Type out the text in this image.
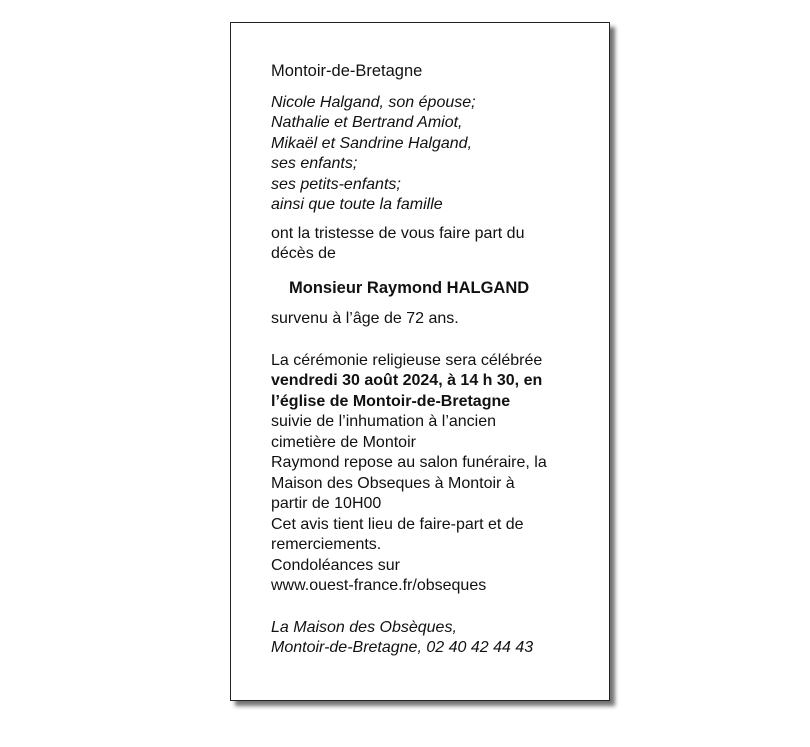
Montoir-de-Bretagne
Nicole Halgand, son épouse;
Nathalie et Bertrand Amiot,
Mikaël et Sandrine Halgand,
ses enfants;
ses petits-enfants;
ainsi que toute la famille
ont la tristesse de vous faire part du
décès de
Monsieur Raymond HALGAND
survenu à l’âge de 72 ans.
La cérémonie religieuse sera célébrée
vendredi 30 août 2024, à 14 h 30, en
l’église de Montoir-de-Bretagne
suivie de l’inhumation à l’ancien
cimetière de Montoir
Raymond repose au salon funéraire, la
Maison des Obseques à Montoir à
partir de 10H00
Cet avis tient lieu de faire-part et de
remerciements.
Condoléances sur
www.ouest-france.fr/obseques
La Maison des Obsèques,
Montoir-de-Bretagne, 02 40 42 44 43
